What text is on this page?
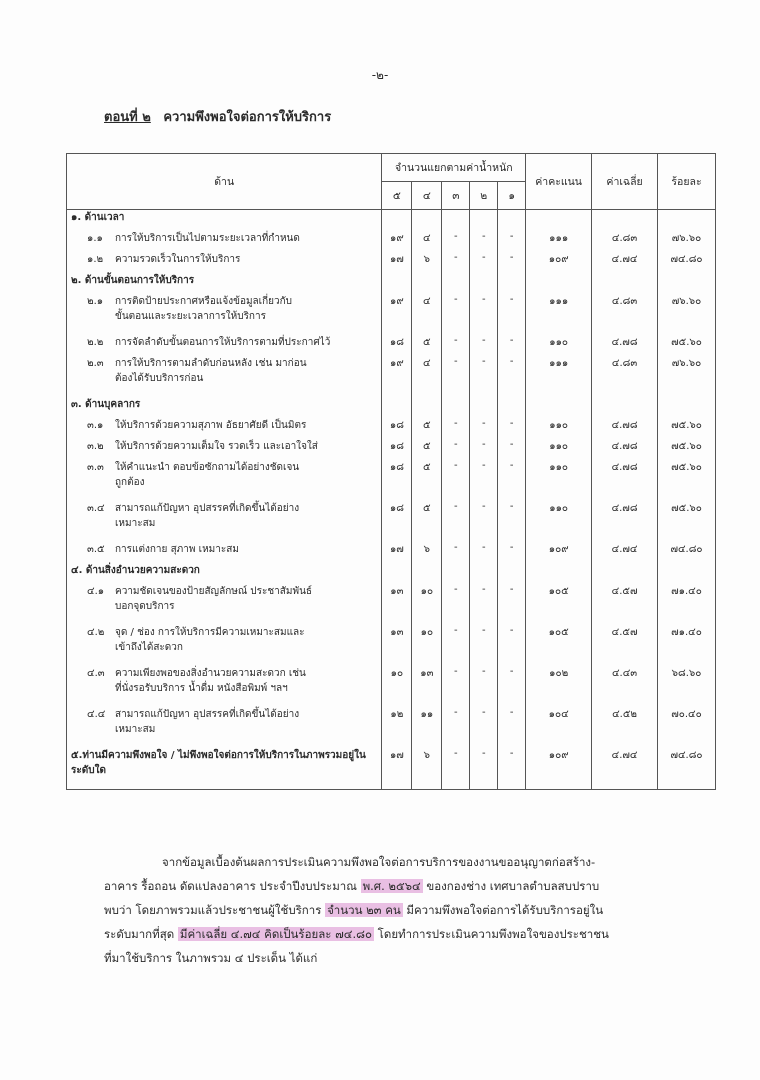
-๒-
ตอนที่ ๒ ความพึงพอใจต่อการให้บริการ
ด้าน	จำนวนแยกตามค่าน้ำหนัก					ค่าคะแนน	ค่าเฉลี่ย	ร้อยละ
	๕	๔	๓	๒	๑			
๑. ด้านเวลา								
๑.๑ การให้บริการเป็นไปตามระยะเวลาที่กำหนด	๑๙	๔	-	-	-	๑๑๑	๔.๘๓	๗๖.๖๐
๑.๒ ความรวดเร็วในการให้บริการ	๑๗	๖	-	-	-	๑๐๙	๔.๗๔	๗๔.๘๐
๒. ด้านขั้นตอนการให้บริการ								
๒.๑ การติดป้ายประกาศหรือแจ้งข้อมูลเกี่ยวกับ
ขั้นตอนและระยะเวลาการให้บริการ	๑๙	๔	-	-	-	๑๑๑	๔.๘๓	๗๖.๖๐
๒.๒ การจัดลำดับขั้นตอนการให้บริการตามที่ประกาศไว้	๑๘	๕	-	-	-	๑๑๐	๔.๗๘	๗๕.๖๐
๒.๓ การให้บริการตามลำดับก่อนหลัง เช่น มาก่อน
ต้องได้รับบริการก่อน	๑๙	๔	-	-	-	๑๑๑	๔.๘๓	๗๖.๖๐
๓. ด้านบุคลากร								
๓.๑ ให้บริการด้วยความสุภาพ อัธยาศัยดี เป็นมิตร	๑๘	๕	-	-	-	๑๑๐	๔.๗๘	๗๕.๖๐
๓.๒ ให้บริการด้วยความเต็มใจ รวดเร็ว และเอาใจใส่	๑๘	๕	-	-	-	๑๑๐	๔.๗๘	๗๕.๖๐
๓.๓ ให้คำแนะนำ ตอบข้อซักถามได้อย่างชัดเจน
ถูกต้อง	๑๘	๕	-	-	-	๑๑๐	๔.๗๘	๗๕.๖๐
๓.๔ สามารถแก้ปัญหา อุปสรรคที่เกิดขึ้นได้อย่าง
เหมาะสม	๑๘	๕	-	-	-	๑๑๐	๔.๗๘	๗๕.๖๐
๓.๕ การแต่งกาย สุภาพ เหมาะสม	๑๗	๖	-	-	-	๑๐๙	๔.๗๔	๗๔.๘๐
๔. ด้านสิ่งอำนวยความสะดวก								
๔.๑ ความชัดเจนของป้ายสัญลักษณ์ ประชาสัมพันธ์
บอกจุดบริการ	๑๓	๑๐	-	-	-	๑๐๕	๔.๕๗	๗๑.๔๐
๔.๒ จุด / ช่อง การให้บริการมีความเหมาะสมและ
เข้าถึงได้สะดวก	๑๓	๑๐	-	-	-	๑๐๕	๔.๕๗	๗๑.๔๐
๔.๓ ความเพียงพอของสิ่งอำนวยความสะดวก เช่น
ที่นั่งรอรับบริการ น้ำดื่ม หนังสือพิมพ์ ฯลฯ	๑๐	๑๓	-	-	-	๑๐๒	๔.๔๓	๖๘.๖๐
๔.๔ สามารถแก้ปัญหา อุปสรรคที่เกิดขึ้นได้อย่าง
เหมาะสม	๑๒	๑๑	-	-	-	๑๐๔	๔.๕๒	๗๐.๔๐
๕.ท่านมีความพึงพอใจ / ไม่พึงพอใจต่อการให้บริการในภาพรวมอยู่ในระดับใด	๑๗	๖	-	-	-	๑๐๙	๔.๗๔	๗๔.๘๐
จากข้อมูลเบื้องต้นผลการประเมินความพึงพอใจต่อการบริการของงานขออนุญาตก่อสร้าง-
อาคาร รื้อถอน ดัดแปลงอาคาร ประจำปีงบประมาณ พ.ศ. ๒๕๖๔ ของกองช่าง เทศบาลตำบลสบปราบ
พบว่า โดยภาพรวมแล้วประชาชนผู้ใช้บริการ จำนวน ๒๓ คน มีความพึงพอใจต่อการได้รับบริการอยู่ใน
ระดับมากที่สุด มีค่าเฉลี่ย ๔.๗๔ คิดเป็นร้อยละ ๗๔.๘๐ โดยทำการประเมินความพึงพอใจของประชาชน
ที่มาใช้บริการ ในภาพรวม ๔ ประเด็น ได้แก่
